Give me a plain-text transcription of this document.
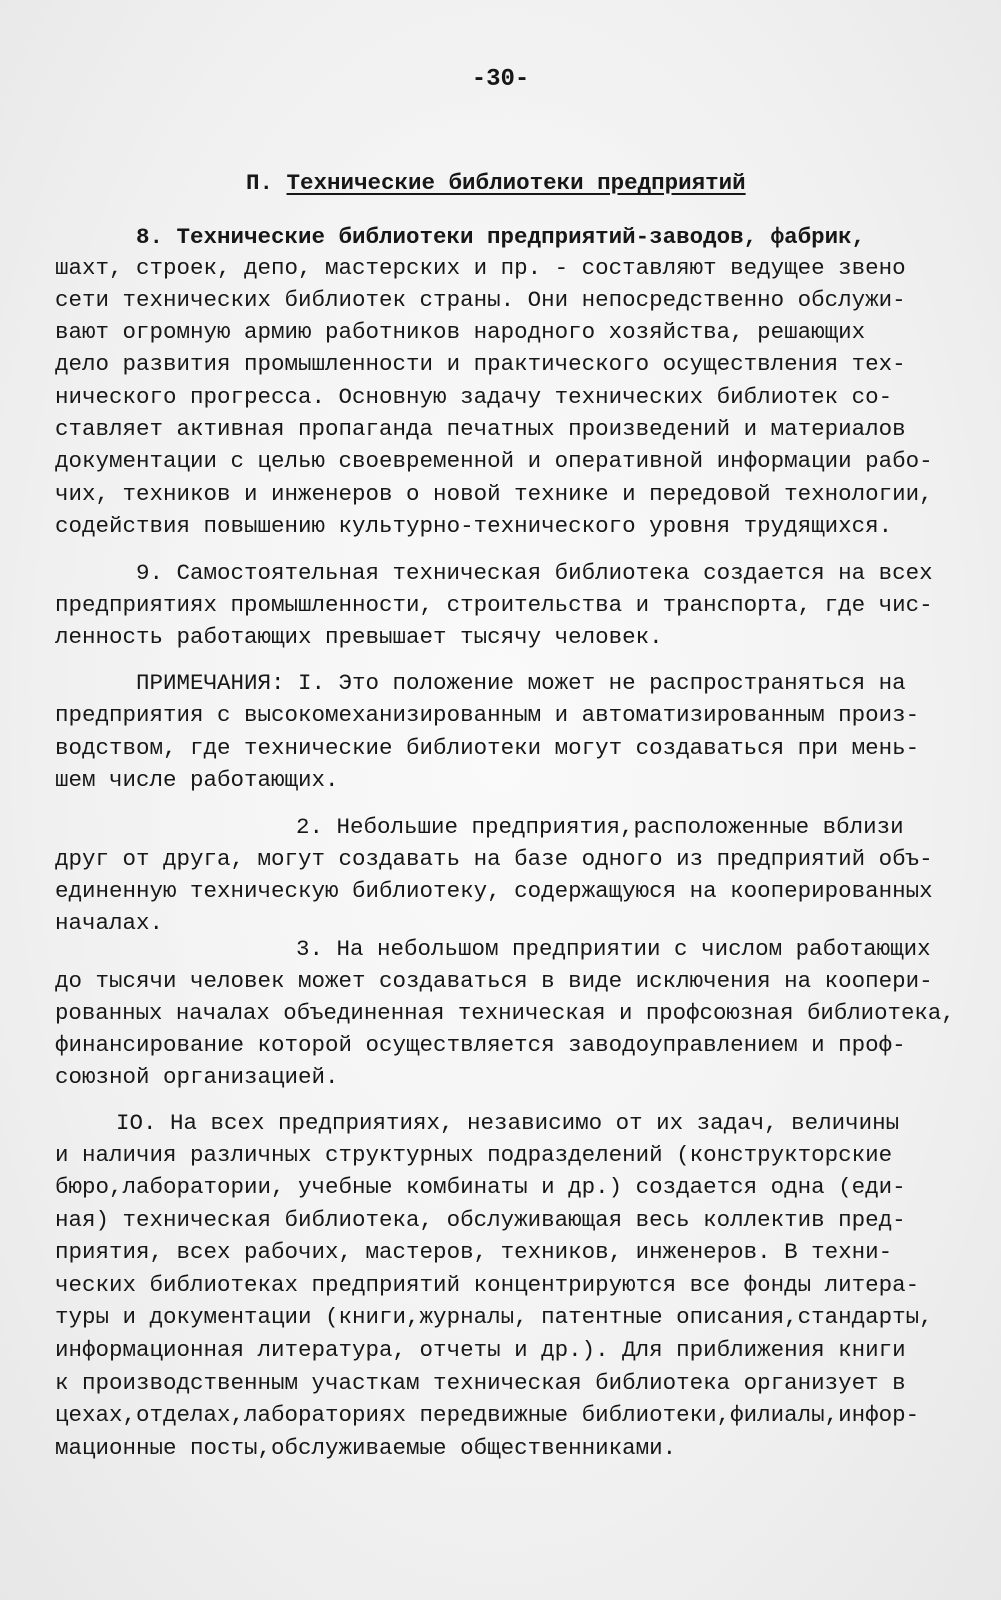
-30-
П. Технические библиотеки предприятий
8. Технические библиотеки предприятий-заводов, фабрик,
шахт, строек, депо, мастерских и пр. - составляют ведущее звено
сети технических библиотек страны. Они непосредственно обслужи-
вают огромную армию работников народного хозяйства, решающих
дело развития промышленности и практического осуществления тех-
нического прогресса. Основную задачу технических библиотек со-
ставляет активная пропаганда печатных произведений и материалов
документации с целью своевременной и оперативной информации рабо-
чих, техников и инженеров о новой технике и передовой технологии,
содействия повышению культурно-технического уровня трудящихся.
9. Самостоятельная техническая библиотека создается на всех
предприятиях промышленности, строительства и транспорта, где чис-
ленность работающих превышает тысячу человек.
ПРИМЕЧАНИЯ: I. Это положение может не распространяться на
предприятия с высокомеханизированным и автоматизированным произ-
водством, где технические библиотеки могут создаваться при мень-
шем числе работающих.
2. Небольшие предприятия,расположенные вблизи
друг от друга, могут создавать на базе одного из предприятий объ-
единенную техническую библиотеку, содержащуюся на кооперированных
началах.
3. На небольшом предприятии с числом работающих
до тысячи человек может создаваться в виде исключения на коопери-
рованных началах объединенная техническая и профсоюзная библиотека,
финансирование которой осуществляется заводоуправлением и проф-
союзной организацией.
IO. На всех предприятиях, независимо от их задач, величины
и наличия различных структурных подразделений (конструкторские
бюро,лаборатории, учебные комбинаты и др.) создается одна (еди-
ная) техническая библиотека, обслуживающая весь коллектив пред-
приятия, всех рабочих, мастеров, техников, инженеров. В техни-
ческих библиотеках предприятий концентрируются все фонды литера-
туры и документации (книги,журналы, патентные описания,стандарты,
информационная литература, отчеты и др.). Для приближения книги
к производственным участкам техническая библиотека организует в
цехах,отделах,лабораториях передвижные библиотеки,филиалы,инфор-
мационные посты,обслуживаемые общественниками.
